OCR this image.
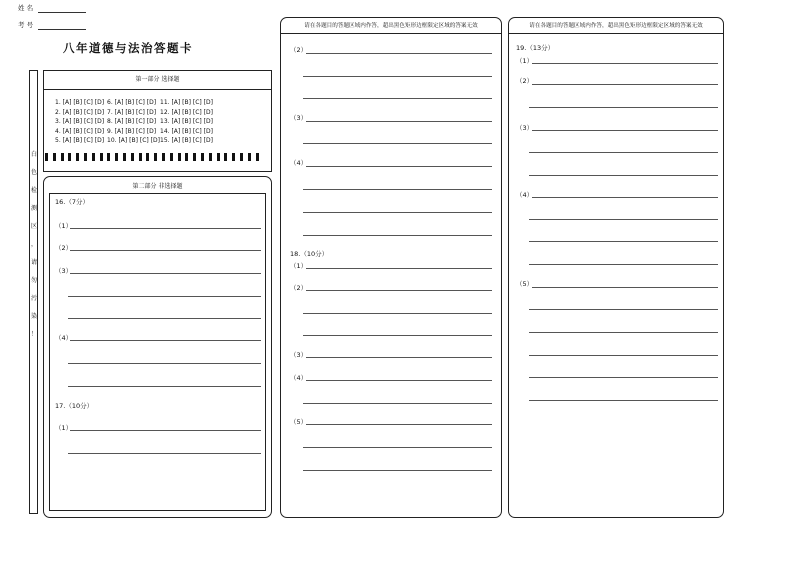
姓 名
考 号
八年道德与法治答题卡
白
色
检
测
区
，
请
勿
污
染
！
第一部分 选择题
1. [A] [B] [C] [D] 6. [A] [B] [C] [D] 11. [A] [B] [C] [D]
2. [A] [B] [C] [D] 7. [A] [B] [C] [D] 12. [A] [B] [C] [D]
3. [A] [B] [C] [D] 8. [A] [B] [C] [D] 13. [A] [B] [C] [D]
4. [A] [B] [C] [D] 9. [A] [B] [C] [D] 14. [A] [B] [C] [D]
5. [A] [B] [C] [D] 10. [A] [B] [C] [D] 15. [A] [B] [C] [D]
第二部分 非选择题
16.（7分）
（1）
（2）
（3）
（4）
17.（10分）
（1）
请在各题目的答题区域内作答，超出黑色矩形边框限定区域的答案无效
（2）
（3）
（4）
18.（10分）
（1）
（2）
（3）
（4）
（5）
请在各题目的答题区域内作答，超出黑色矩形边框限定区域的答案无效
19.（13分）
（1）
（2）
（3）
（4）
（5）
